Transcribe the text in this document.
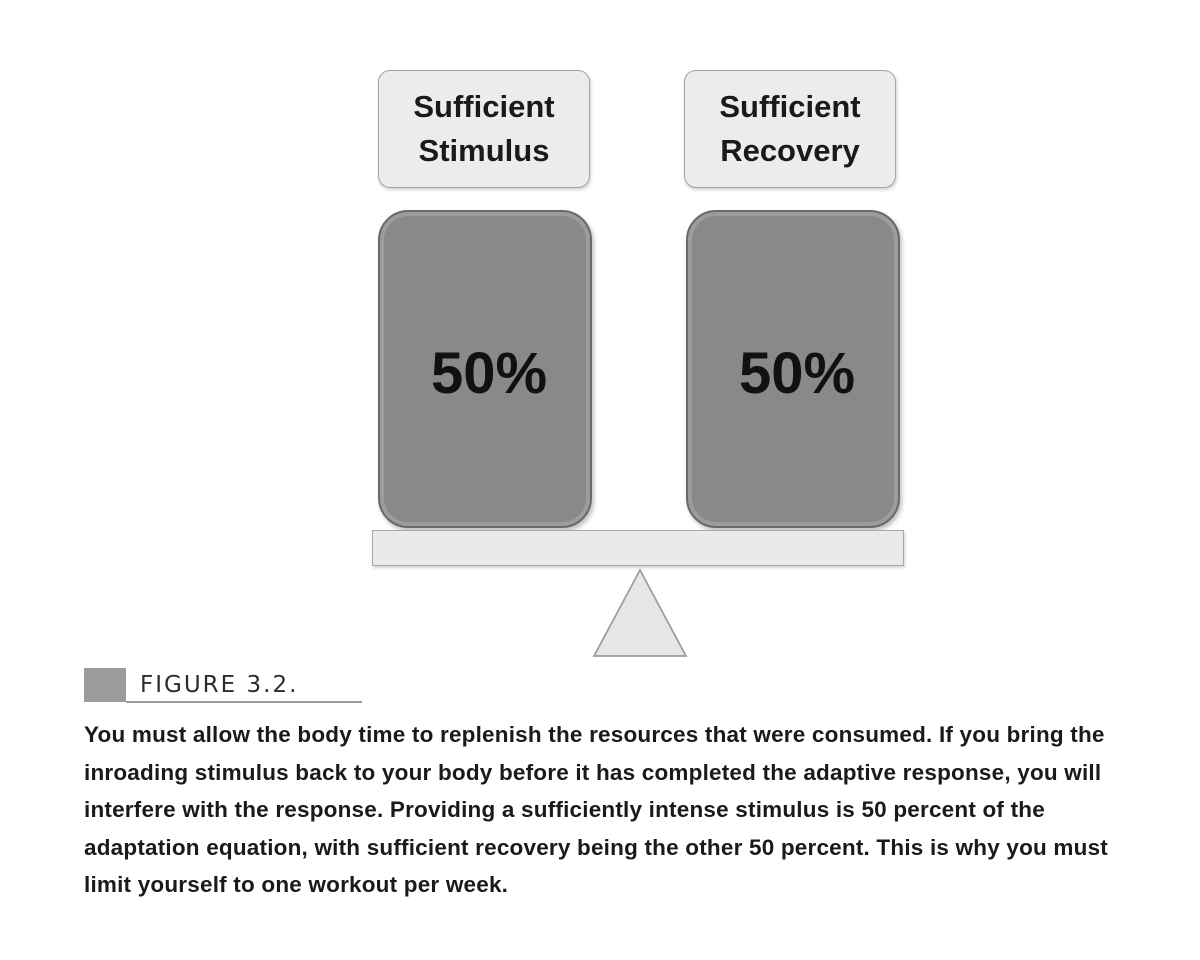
Sufficient
Stimulus
Sufficient
Recovery
50%	50%
FIGURE 3.2.

You must allow the body time to replenish the resources that were consumed. If you bring the inroading stimulus back to your body before it has completed the adaptive response, you will interfere with the response. Providing a sufficiently intense stimulus is 50 percent of the adaptation equation, with sufficient recovery being the other 50 percent. This is why you must limit yourself to one workout per week.
